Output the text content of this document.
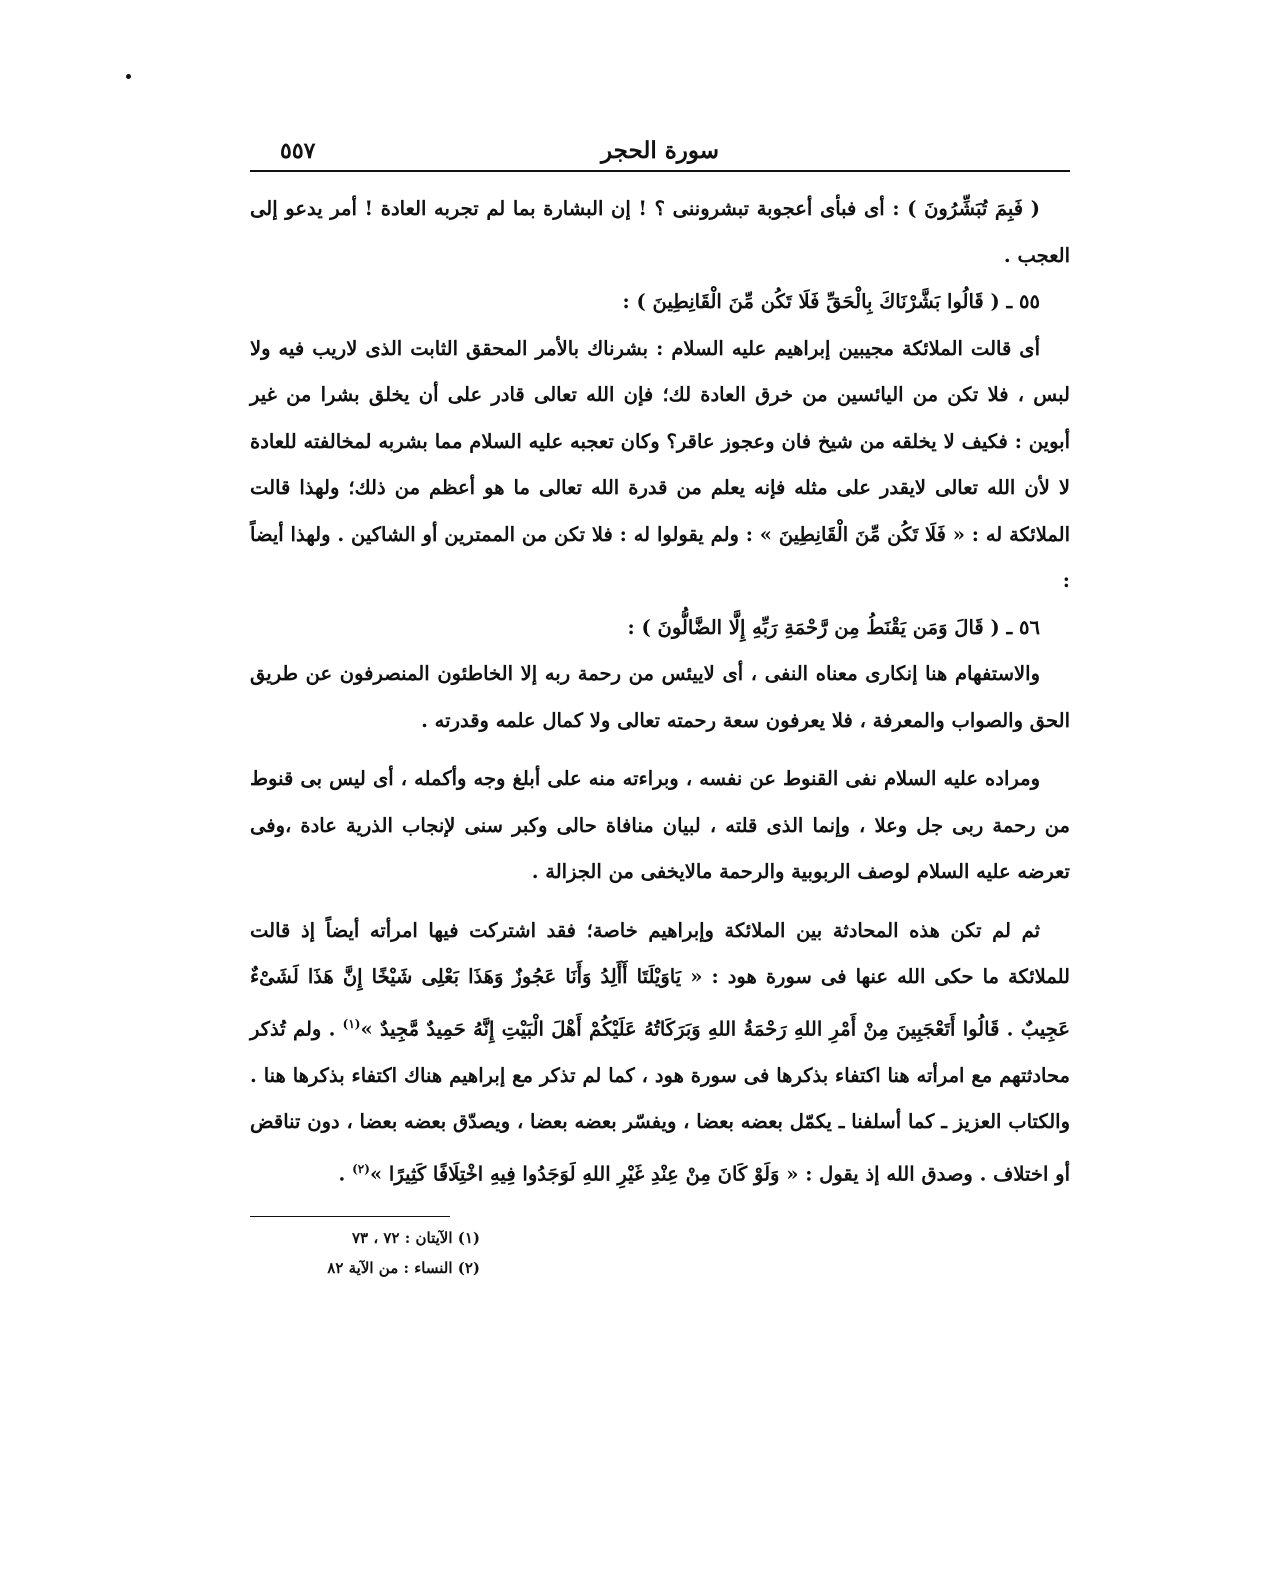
سورة الحجر
٥٥٧

( فَبِمَ تُبَشِّرُونَ ) : أى فبأى أعجوبة تبشروننى ؟ ! إن البشارة بما لم تجربه العادة ! أمر يدعو إلى العجب .

٥٥ ـ ( قَالُوا بَشَّرْنَاكَ بِالْحَقِّ فَلَا تَكُن مِّنَ الْقَانِطِينَ ) :

أى قالت الملائكة مجيبين إبراهيم عليه السلام : بشرناك بالأمر المحقق الثابت الذى لاريب فيه ولا لبس ، فلا تكن من اليائسين من خرق العادة لك؛ فإن الله تعالى قادر على أن يخلق بشرا من غير أبوين : فكيف لا يخلقه من شيخ فان وعجوز عاقر؟ وكان تعجبه عليه السلام مما بشربه لمخالفته للعادة لا لأن الله تعالى لايقدر على مثله فإنه يعلم من قدرة الله تعالى ما هو أعظم من ذلك؛ ولهذا قالت الملائكة له : « فَلَا تَكُن مِّنَ الْقَانِطِينَ » : ولم يقولوا له : فلا تكن من الممترين أو الشاكين . ولهذا أيضاً :

٥٦ ـ ( قَالَ وَمَن يَقْنَطُ مِن رَّحْمَةِ رَبِّهِ إِلَّا الضَّالُّونَ ) :

والاستفهام هنا إنكارى معناه النفى ، أى لاييئس من رحمة ربه إلا الخاطئون المنصرفون عن طريق الحق والصواب والمعرفة ، فلا يعرفون سعة رحمته تعالى ولا كمال علمه وقدرته .

ومراده عليه السلام نفى القنوط عن نفسه ، وبراءته منه على أبلغ وجه وأكمله ، أى ليس بى قنوط من رحمة ربى جل وعلا ، وإنما الذى قلته ، لبيان منافاة حالى وكبر سنى لإنجاب الذرية عادة ،وفى تعرضه عليه السلام لوصف الربوبية والرحمة مالايخفى من الجزالة .

ثم لم تكن هذه المحادثة بين الملائكة وإبراهيم خاصة؛ فقد اشتركت فيها امرأته أيضاً إذ قالت للملائكة ما حكى الله عنها فى سورة هود : « يَاوَيْلَتَا أَأَلِدُ وَأَنَا عَجُوزٌ وَهَذَا بَعْلِى شَيْخًا إِنَّ هَذَا لَشَىْءٌ عَجِيبٌ . قَالُوا أَتَعْجَبِينَ مِنْ أَمْرِ اللهِ رَحْمَةُ اللهِ وَبَرَكَاتُهُ عَلَيْكُمْ أَهْلَ الْبَيْتِ إِنَّهُ حَمِيدٌ مَّجِيدٌ »$^{(١)}$ . ولم تُذكر محادثتهم مع امرأته هنا اكتفاء بذكرها فى سورة هود ، كما لم تذكر مع إبراهيم هناك اكتفاء بذكرها هنا . والكتاب العزيز ـ كما أسلفنا ـ يكمّل بعضه بعضا ، ويفسّر بعضه بعضا ، ويصدّق بعضه بعضا ، دون تناقض أو اختلاف . وصدق الله إذ يقول : « وَلَوْ كَانَ مِنْ عِنْدِ غَيْرِ اللهِ لَوَجَدُوا فِيهِ اخْتِلَافًا كَثِيرًا »$^{(٢)}$ .

(١) الآيتان : ٧٢ ، ٧٣
(٢) النساء : من الآية ٨٢
